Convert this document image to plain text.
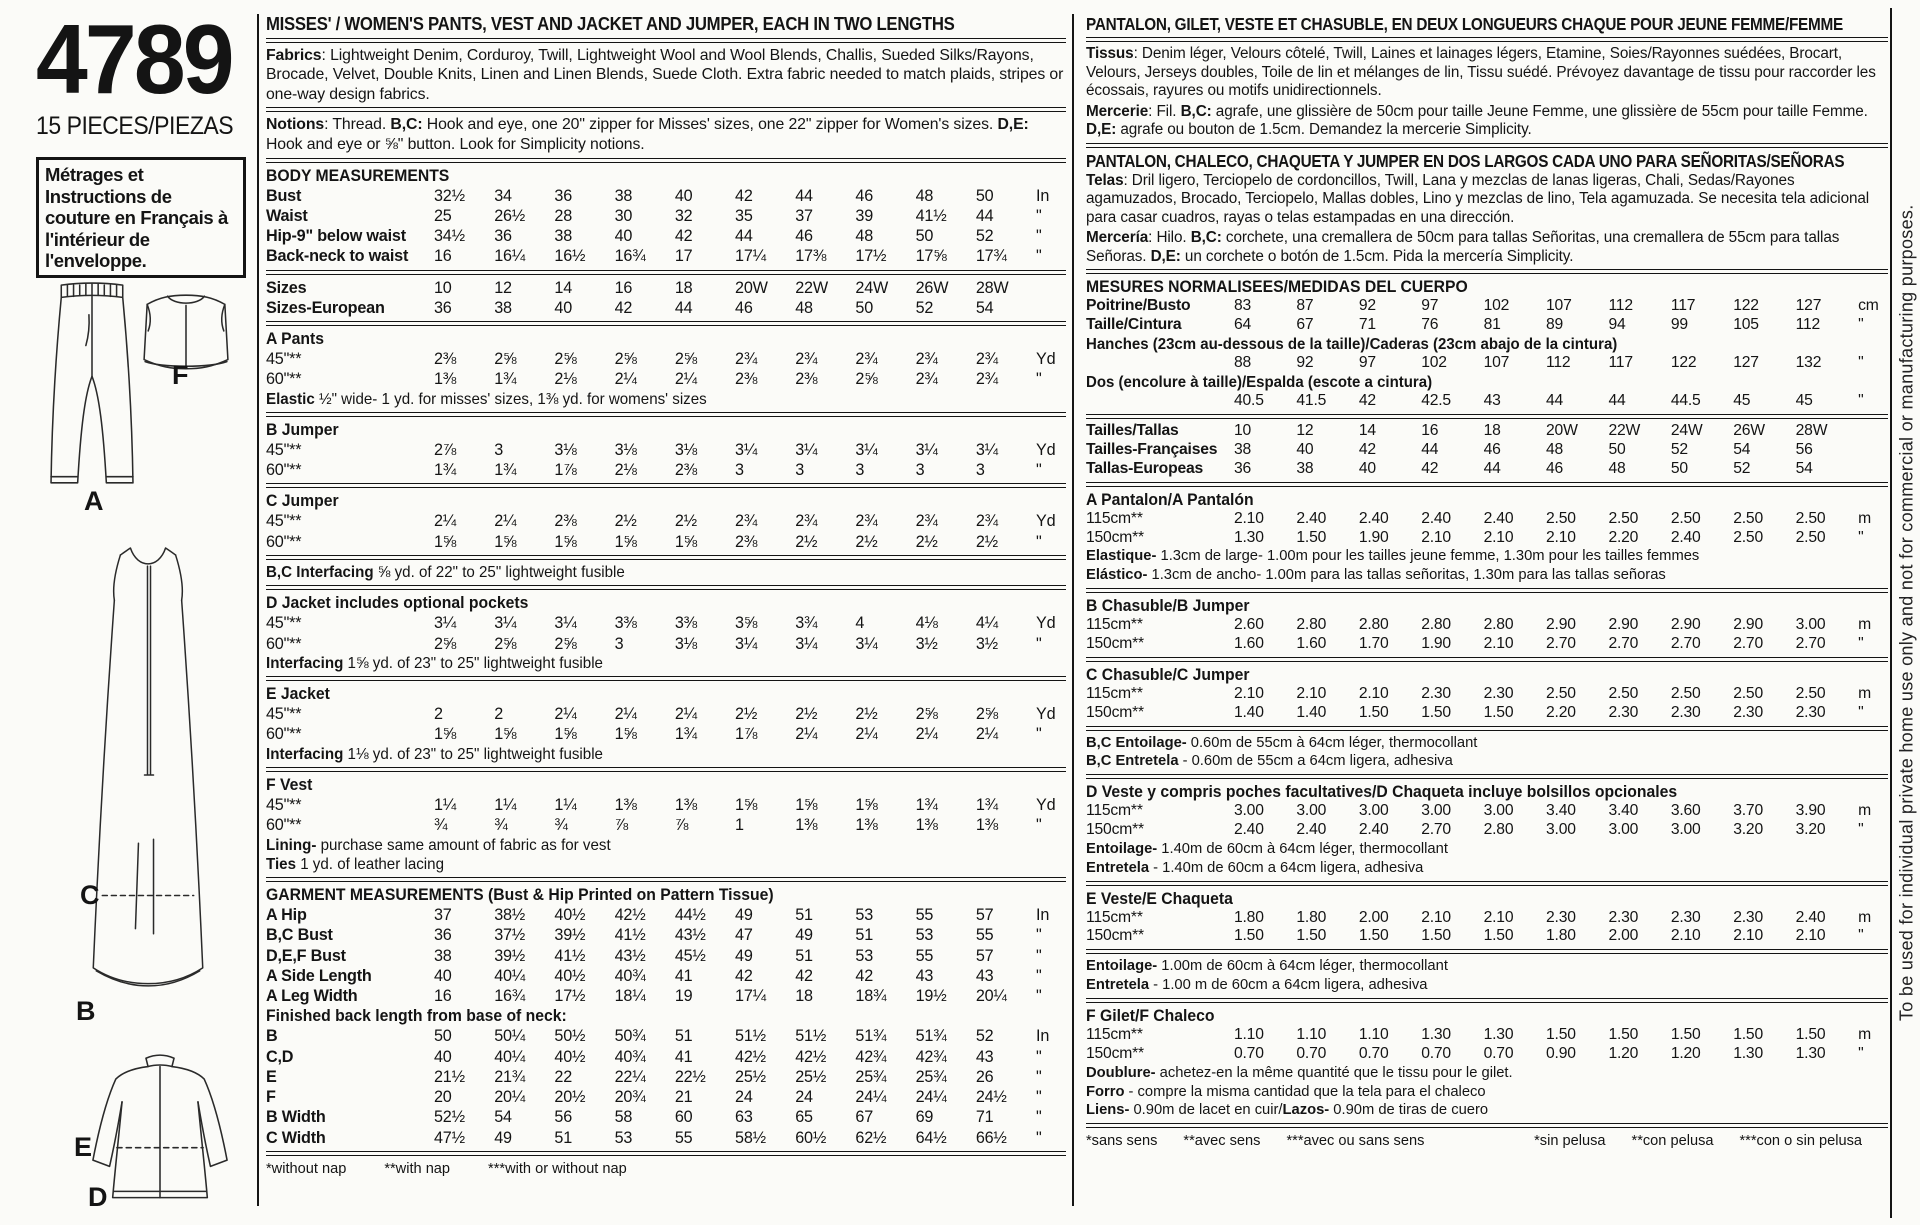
4789
15 PIECES/PIEZAS
Métrages et Instructions de couture en Français à l'intérieur de l'enveloppe.
A
F
C
B
E
D
MISSES' / WOMEN'S PANTS, VEST AND JACKET AND JUMPER, EACH IN TWO LENGTHS
Fabrics: Lightweight Denim, Corduroy, Twill, Lightweight Wool and Wool Blends, Challis, Sueded Silks/Rayons, Brocade, Velvet, Double Knits, Linen and Linen Blends, Suede Cloth. Extra fabric needed to match plaids, stripes or one-way design fabrics.
Notions: Thread. B,C: Hook and eye, one 20" zipper for Misses' sizes, one 22" zipper for Women's sizes. D,E: Hook and eye or ⅝" button. Look for Simplicity notions.
BODY MEASUREMENTS
Bust	32½	34	36	38	40	42	44	46	48	50	In
Waist	25	26½	28	30	32	35	37	39	41½	44	"
Hip-9" below waist	34½	36	38	40	42	44	46	48	50	52	"
Back-neck to waist	16	16¼	16½	16¾	17	17¼	17⅜	17½	17⅝	17¾	"
Sizes	10	12	14	16	18	20W	22W	24W	26W	28W
Sizes-European	36	38	40	42	44	46	48	50	52	54
A Pants
45"**	2⅜	2⅝	2⅝	2⅝	2⅝	2¾	2¾	2¾	2¾	2¾	Yd
60"**	1⅜	1¾	2⅛	2¼	2¼	2⅜	2⅜	2⅝	2¾	2¾	"
Elastic ½" wide- 1 yd. for misses' sizes, 1⅜ yd. for womens' sizes
B Jumper
45"**	2⅞	3	3⅛	3⅛	3⅛	3¼	3¼	3¼	3¼	3¼	Yd
60"**	1¾	1¾	1⅞	2⅛	2⅜	3	3	3	3	3	"
C Jumper
45"**	2¼	2¼	2⅜	2½	2½	2¾	2¾	2¾	2¾	2¾	Yd
60"**	1⅝	1⅝	1⅝	1⅝	1⅝	2⅜	2½	2½	2½	2½	"
B,C Interfacing ⅝ yd. of 22" to 25" lightweight fusible
D Jacket includes optional pockets
45"**	3¼	3¼	3¼	3⅜	3⅜	3⅝	3¾	4	4⅛	4¼	Yd
60"**	2⅝	2⅝	2⅝	3	3⅛	3¼	3¼	3¼	3½	3½	"
Interfacing 1⅝ yd. of 23" to 25" lightweight fusible
E Jacket
45"**	2	2	2¼	2¼	2¼	2½	2½	2½	2⅝	2⅝	Yd
60"**	1⅝	1⅝	1⅝	1⅝	1¾	1⅞	2¼	2¼	2¼	2¼	"
Interfacing 1⅛ yd. of 23" to 25" lightweight fusible
F Vest
45"**	1¼	1¼	1¼	1⅜	1⅜	1⅝	1⅝	1⅝	1¾	1¾	Yd
60"**	¾	¾	¾	⅞	⅞	1	1⅜	1⅜	1⅜	1⅜	"
Lining- purchase same amount of fabric as for vest
Ties 1 yd. of leather lacing
GARMENT MEASUREMENTS (Bust & Hip Printed on Pattern Tissue)
A Hip	37	38½	40½	42½	44½	49	51	53	55	57	In
B,C Bust	36	37½	39½	41½	43½	47	49	51	53	55	"
D,E,F Bust	38	39½	41½	43½	45½	49	51	53	55	57	"
A Side Length	40	40¼	40½	40¾	41	42	42	42	43	43	"
A Leg Width	16	16¾	17½	18¼	19	17¼	18	18¾	19½	20¼	"
Finished back length from base of neck:
B	50	50¼	50½	50¾	51	51½	51½	51¾	51¾	52	In
C,D	40	40¼	40½	40¾	41	42½	42½	42¾	42¾	43	"
E	21½	21¾	22	22¼	22½	25½	25½	25¾	25¾	26	"
F	20	20¼	20½	20¾	21	24	24	24¼	24¼	24½	"
B Width	52½	54	56	58	60	63	65	67	69	71	"
C Width	47½	49	51	53	55	58½	60½	62½	64½	66½	"
*without nap	**with nap	***with or without nap
PANTALON, GILET, VESTE ET CHASUBLE, EN DEUX LONGUEURS CHAQUE POUR JEUNE FEMME/FEMME
Tissus: Denim léger, Velours côtelé, Twill, Laines et lainages légers, Etamine, Soies/Rayonnes suédées, Brocart, Velours, Jerseys doubles, Toile de lin et mélanges de lin, Tissu suédé. Prévoyez davantage de tissu pour raccorder les écossais, rayures ou motifs unidirectionnels.
Mercerie: Fil. B,C: agrafe, une glissière de 50cm pour taille Jeune Femme, une glissière de 55cm pour taille Femme. D,E: agrafe ou bouton de 1.5cm. Demandez la mercerie Simplicity.
PANTALON, CHALECO, CHAQUETA Y JUMPER EN DOS LARGOS CADA UNO PARA SEÑORITAS/SEÑORAS
Telas: Dril ligero, Terciopelo de cordoncillos, Twill, Lana y mezclas de lanas ligeras, Chali, Sedas/Rayones agamuzados, Brocado, Terciopelo, Mallas dobles, Lino y mezclas de lino, Tela agamuzada. Se necesita tela adicional para casar cuadros, rayas o telas estampadas en una dirección.
Mercería: Hilo. B,C: corchete, una cremallera de 50cm para tallas Señoritas, una cremallera de 55cm para tallas Señoras. D,E: un corchete o botón de 1.5cm. Pida la mercería Simplicity.
MESURES NORMALISEES/MEDIDAS DEL CUERPO
Poitrine/Busto	83	87	92	97	102	107	112	117	122	127	cm
Taille/Cintura	64	67	71	76	81	89	94	99	105	112	"
Hanches (23cm au-dessous de la taille)/Caderas (23cm abajo de la cintura)
88	92	97	102	107	112	117	122	127	132	"
Dos (encolure à taille)/Espalda (escote a cintura)
40.5	41.5	42	42.5	43	44	44	44.5	45	45	"
Tailles/Tallas	10	12	14	16	18	20W	22W	24W	26W	28W
Tailles-Françaises	38	40	42	44	46	48	50	52	54	56
Tallas-Europeas	36	38	40	42	44	46	48	50	52	54
A Pantalon/A Pantalón
115cm**	2.10	2.40	2.40	2.40	2.40	2.50	2.50	2.50	2.50	2.50	m
150cm**	1.30	1.50	1.90	2.10	2.10	2.10	2.20	2.40	2.50	2.50	"
Elastique- 1.3cm de large- 1.00m pour les tailles jeune femme, 1.30m pour les tailles femmes
Elástico- 1.3cm de ancho- 1.00m para las tallas señoritas, 1.30m para las tallas señoras
B Chasuble/B Jumper
115cm**	2.60	2.80	2.80	2.80	2.80	2.90	2.90	2.90	2.90	3.00	m
150cm**	1.60	1.60	1.70	1.90	2.10	2.70	2.70	2.70	2.70	2.70	"
C Chasuble/C Jumper
115cm**	2.10	2.10	2.10	2.30	2.30	2.50	2.50	2.50	2.50	2.50	m
150cm**	1.40	1.40	1.50	1.50	1.50	2.20	2.30	2.30	2.30	2.30	"
B,C Entoilage- 0.60m de 55cm à 64cm léger, thermocollant
B,C Entretela - 0.60m de 55cm a 64cm ligera, adhesiva
D Veste y compris poches facultatives/D Chaqueta incluye bolsillos opcionales
115cm**	3.00	3.00	3.00	3.00	3.00	3.40	3.40	3.60	3.70	3.90	m
150cm**	2.40	2.40	2.40	2.70	2.80	3.00	3.00	3.00	3.20	3.20	"
Entoilage- 1.40m de 60cm à 64cm léger, thermocollant
Entretela - 1.40m de 60cm a 64cm ligera, adhesiva
E Veste/E Chaqueta
115cm**	1.80	1.80	2.00	2.10	2.10	2.30	2.30	2.30	2.30	2.40	m
150cm**	1.50	1.50	1.50	1.50	1.50	1.80	2.00	2.10	2.10	2.10	"
Entoilage- 1.00m de 60cm à 64cm léger, thermocollant
Entretela - 1.00 m de 60cm a 64cm ligera, adhesiva
F Gilet/F Chaleco
115cm**	1.10	1.10	1.10	1.30	1.30	1.50	1.50	1.50	1.50	1.50	m
150cm**	0.70	0.70	0.70	0.70	0.70	0.90	1.20	1.20	1.30	1.30	"
Doublure- achetez-en la même quantité que le tissu pour le gilet.
Forro - compre la misma cantidad que la tela para el chaleco
Liens- 0.90m de lacet en cuir/Lazos- 0.90m de tiras de cuero
*sans sens **avec sens ***avec ou sans sens	*sin pelusa **con pelusa ***con o sin pelusa
To be used for individual private home use only and not for commercial or manufacturing purposes.
